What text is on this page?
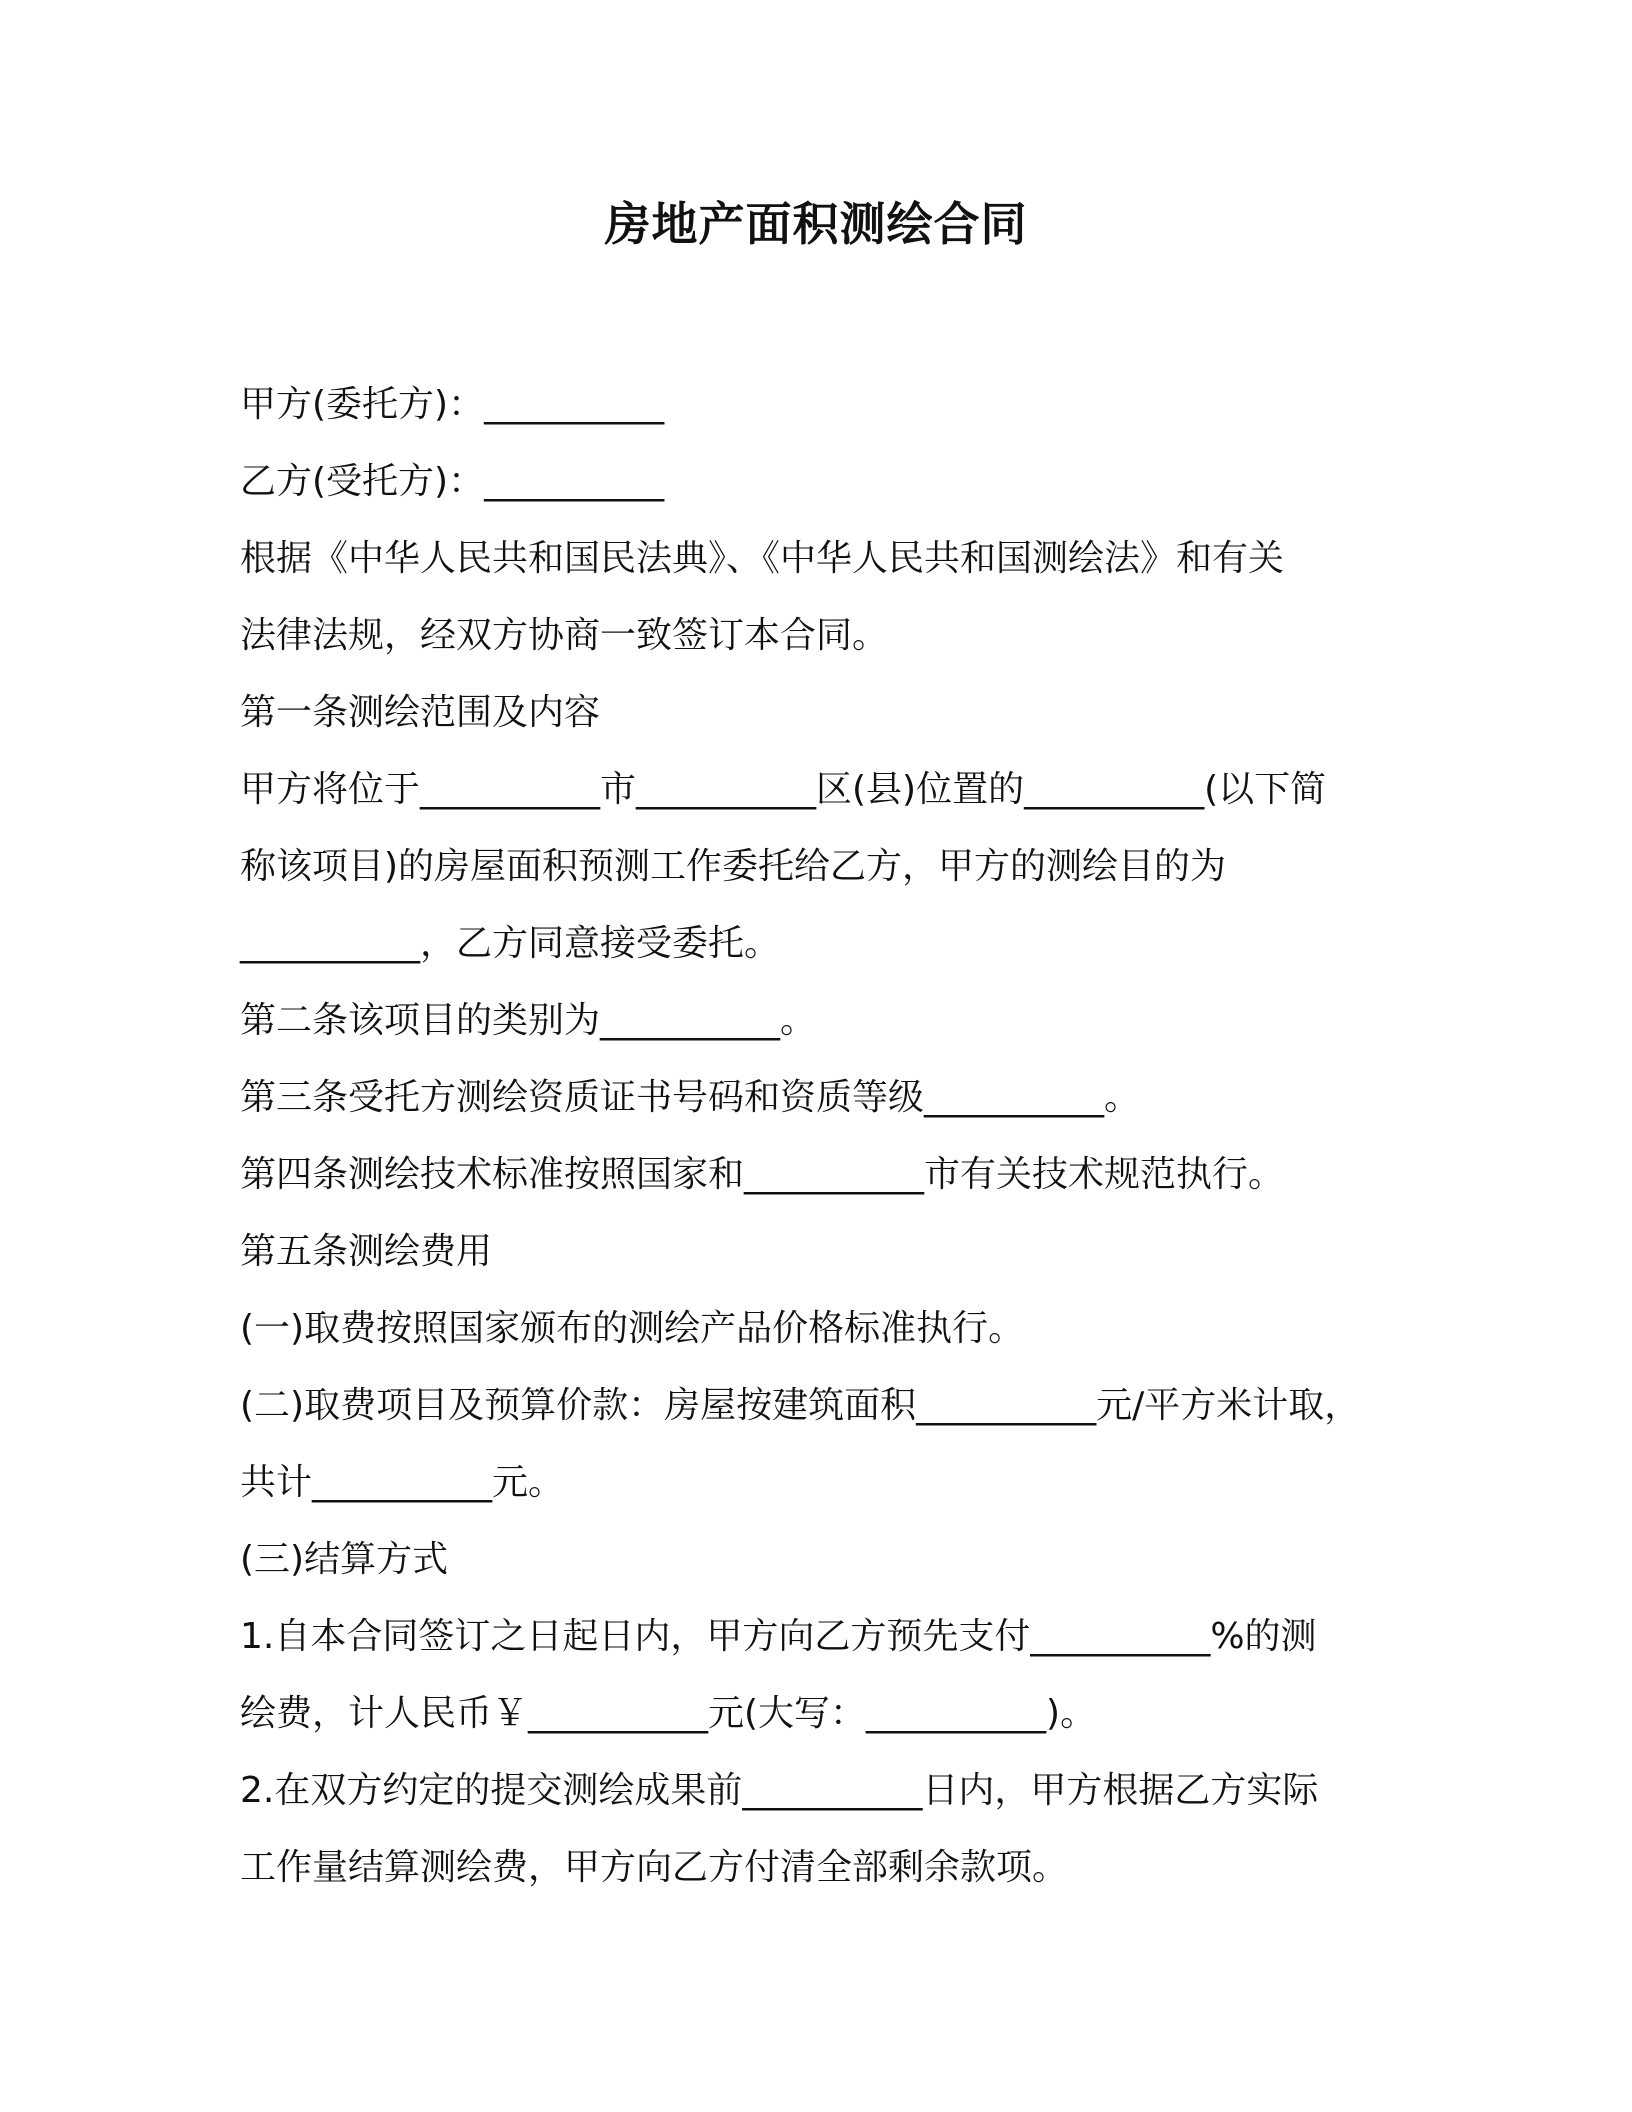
房地产面积测绘合同

甲方(委托方)：__________

乙方(受托方)：__________

根据《中华人民共和国民法典》、《中华人民共和国测绘法》和有关

法律法规，经双方协商一致签订本合同。

第一条测绘范围及内容

甲方将位于__________市__________区(县)位置的__________(以下简

称该项目)的房屋面积预测工作委托给乙方，甲方的测绘目的为

__________，乙方同意接受委托。

第二条该项目的类别为__________。

第三条受托方测绘资质证书号码和资质等级__________。

第四条测绘技术标准按照国家和__________市有关技术规范执行。

第五条测绘费用

(一)取费按照国家颁布的测绘产品价格标准执行。

(二)取费项目及预算价款：房屋按建筑面积__________元/平方米计取，

共计__________元。

(三)结算方式

1.自本合同签订之日起日内，甲方向乙方预先支付__________%的测

绘费，计人民币￥__________元(大写：__________)。

2.在双方约定的提交测绘成果前__________日内，甲方根据乙方实际

工作量结算测绘费，甲方向乙方付清全部剩余款项。
